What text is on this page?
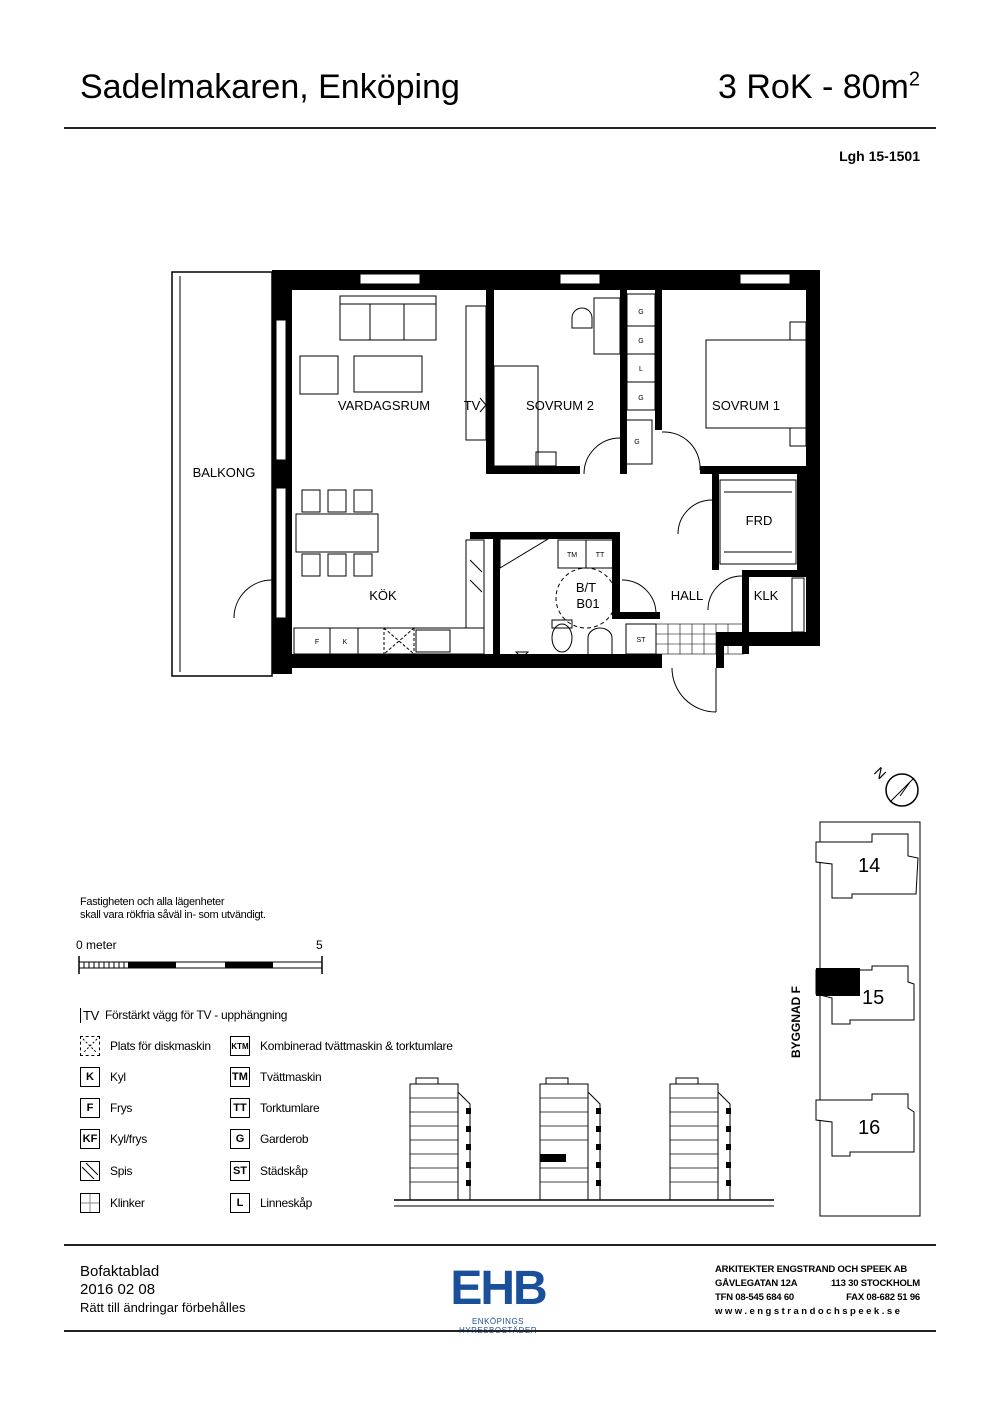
Sadelmakaren, Enköping	3 RoK - $80m^2$
Lgh 15-1501
BALKONG
VARDAGSRUM	TV	SOVRUM 2	SOVRUM 1
FRD
KÖK
B/T
B01
HALL	KLK
G
G
L
G
G
TM	TT
ST
F	K
Fastigheten och alla lägenheter
skall vara rökfria såväl in- som utvändigt.
0 meter	5
TV Förstärkt vägg för TV - upphängning
Plats för diskmaskin
K	Kyl
F	Frys
KF Kyl/frys
Spis
Klinker
KTM Kombinerad tvättmaskin & torktumlare
TM Tvättmaskin
TT Torktumlare
G	Garderob
ST Städskåp
L	Linneskåp
N
14
15
16
BYGGNAD F
Bofaktablad
2016 02 08
Rätt till ändringar förbehålles	EHB
ENKÖPINGS
ARKITEKTER ENGSTRAND OCH SPEEK AB
GÅVLEGATAN 12A	113 30 STOCKHOLM
TFN 08-545 684 60	FAX 08-682 51 96
www.engstrandochspeek.se
